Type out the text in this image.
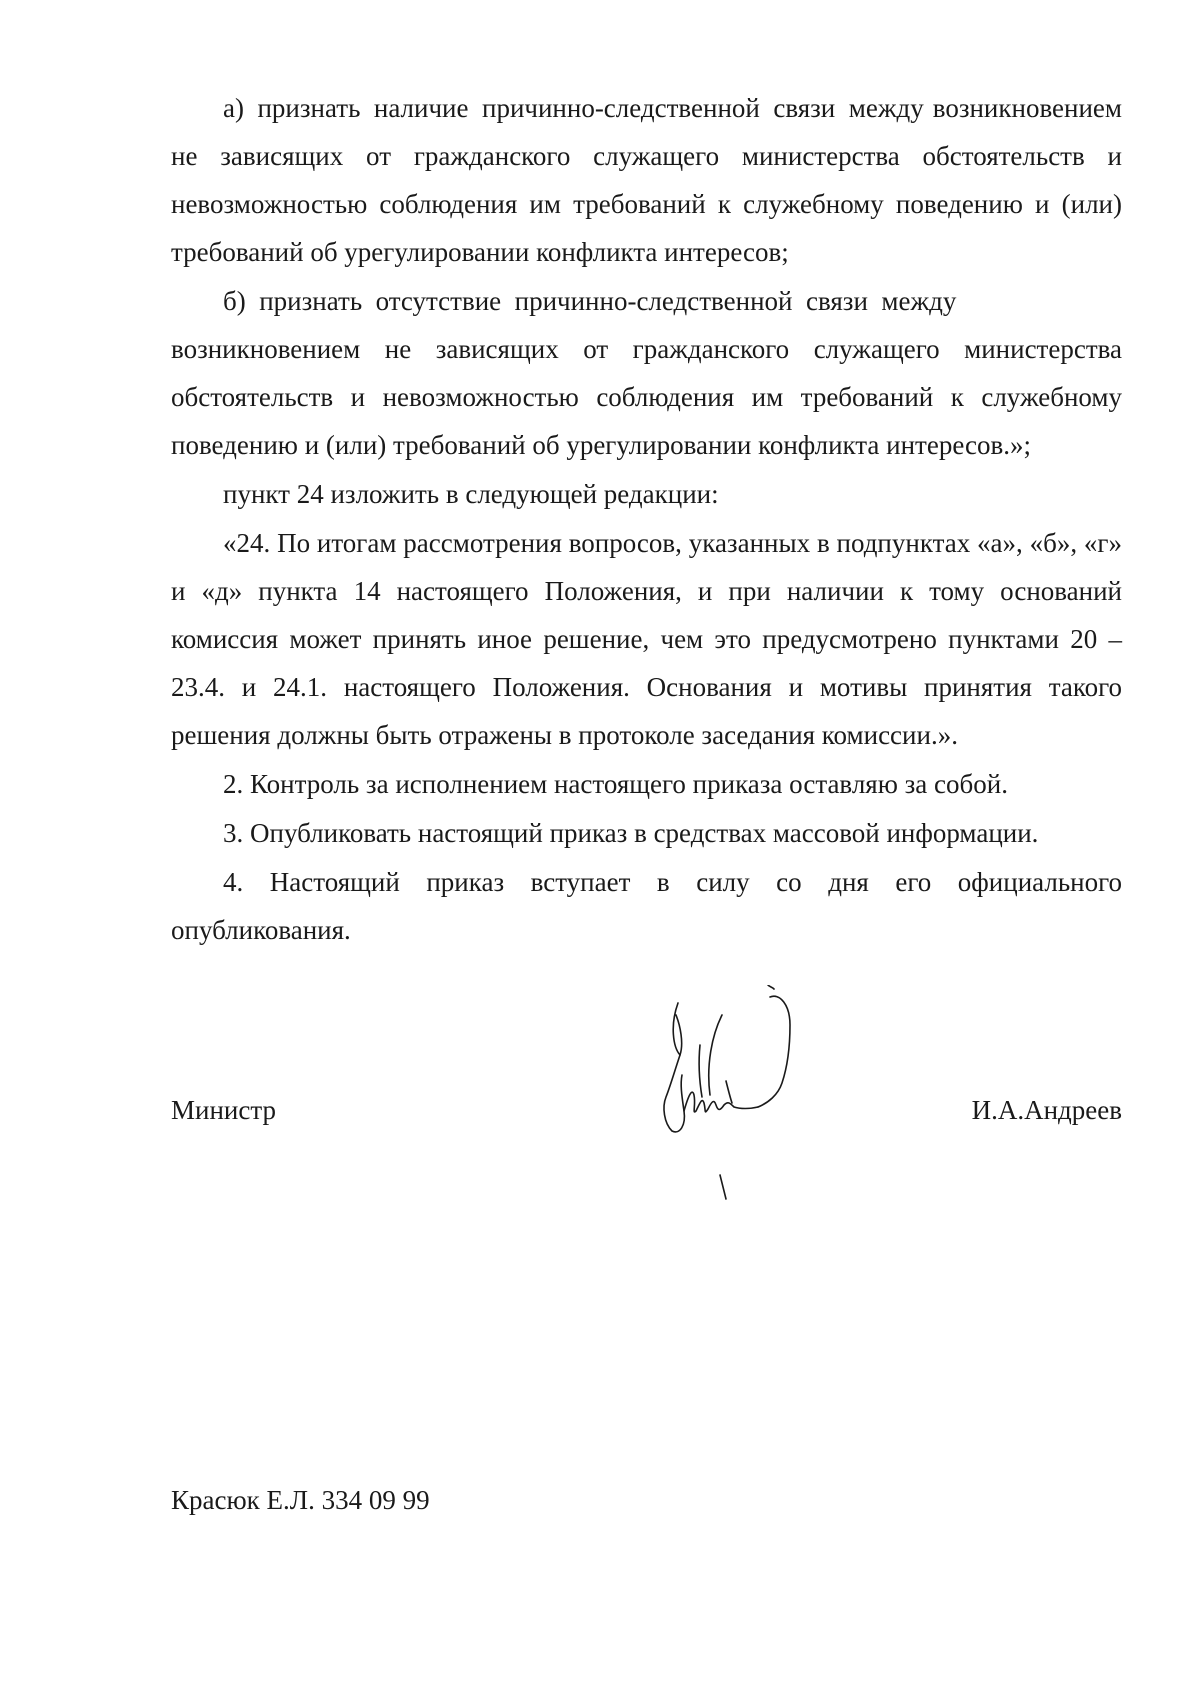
а) признать наличие причинно-следственной связи между возникновением не зависящих от гражданского служащего министерства обстоятельств и невозможностью соблюдения им требований к служебному поведению и (или) требований об урегулировании конфликта интересов;

б) признать отсутствие причинно-следственной связи между возникновением не зависящих от гражданского служащего министерства обстоятельств и невозможностью соблюдения им требований к служебному поведению и (или) требований об урегулировании конфликта интересов.»;

пункт 24 изложить в следующей редакции:

«24. По итогам рассмотрения вопросов, указанных в подпунктах «а», «б», «г» и «д» пункта 14 настоящего Положения, и при наличии к тому оснований комиссия может принять иное решение, чем это предусмотрено пунктами 20 – 23.4. и 24.1. настоящего Положения. Основания и мотивы принятия такого решения должны быть отражены в протоколе заседания комиссии.».

2. Контроль за исполнением настоящего приказа оставляю за собой.

3. Опубликовать настоящий приказ в средствах массовой информации.

4. Настоящий приказ вступает в силу со дня его официального опубликования.

Министр	И.А.Андреев
Красюк Е.Л. 334 09 99
